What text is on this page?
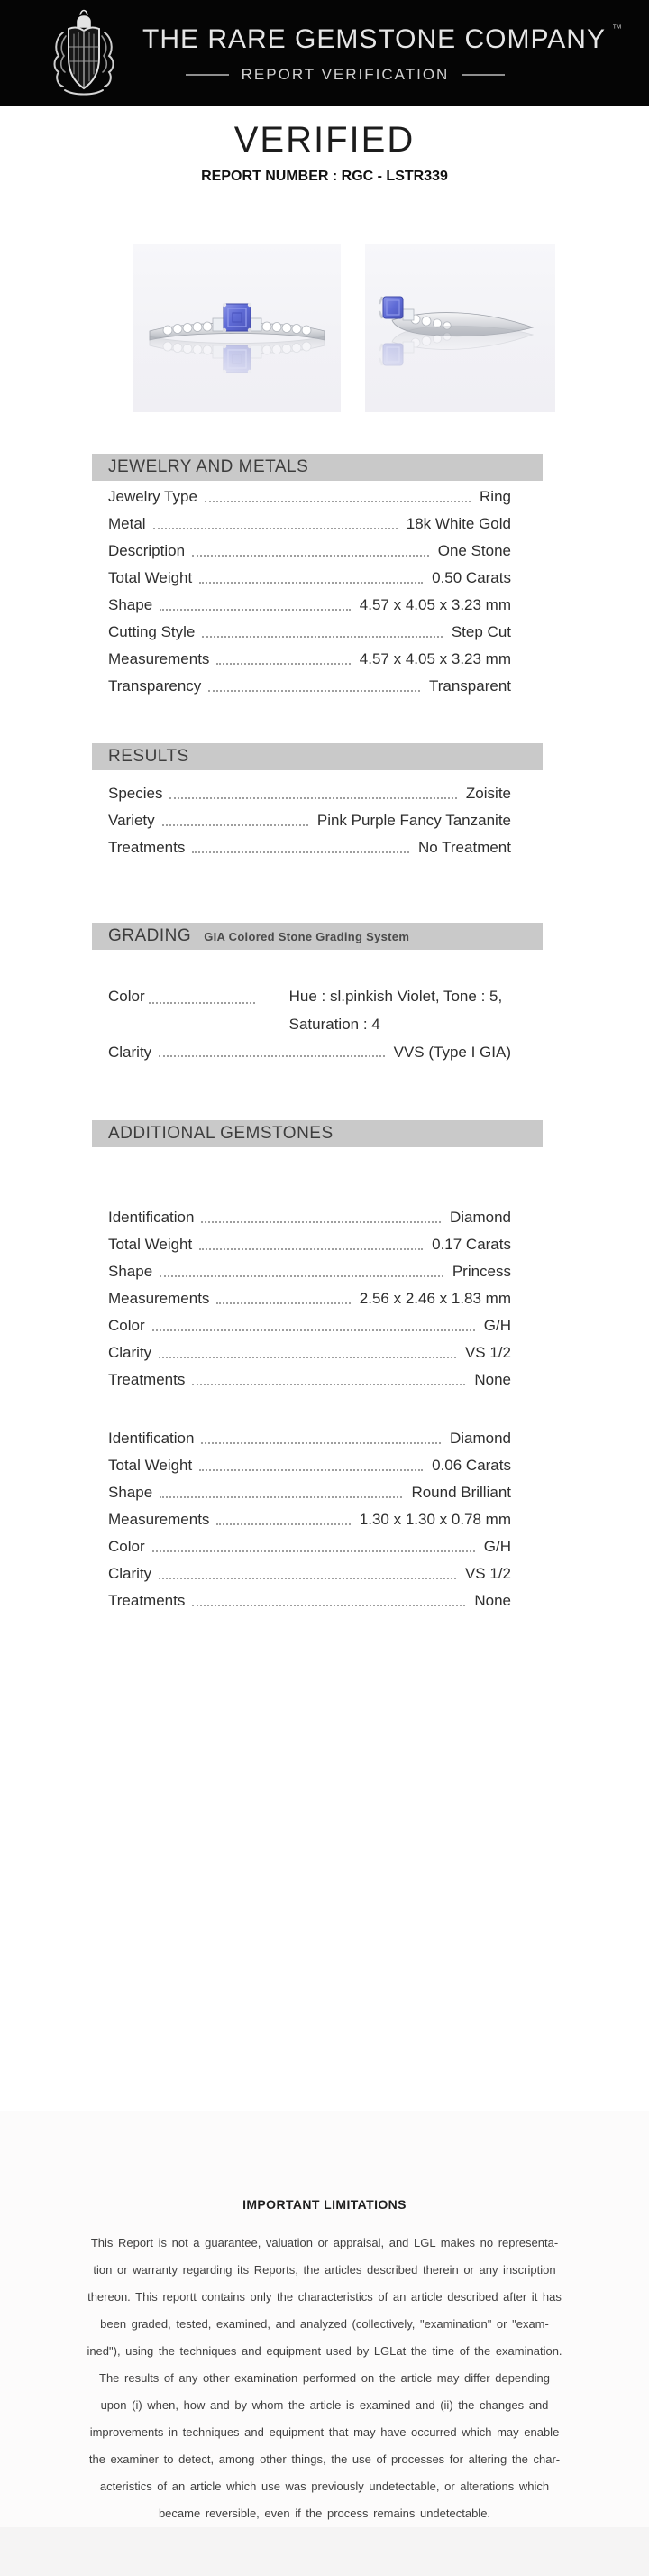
THE RARE GEMSTONE COMPANY ™
REPORT VERIFICATION
VERIFIED
REPORT NUMBER : RGC - LSTR339
JEWELRY AND METALS
Jewelry Type	Ring
Metal	18k White Gold
Description	One Stone
Total Weight	0.50 Carats
Shape	4.57 x 4.05 x 3.23 mm
Cutting Style	Step Cut
Measurements	4.57 x 4.05 x 3.23 mm
Transparency	Transparent
RESULTS
Species	Zoisite
Variety	Pink Purple Fancy Tanzanite
Treatments	No Treatment
GRADING GIA Colored Stone Grading System
Color	Hue : sl.pinkish Violet, Tone : 5,
Saturation : 4
Clarity	VVS (Type I GIA)
ADDITIONAL GEMSTONES
Identification	Diamond
Total Weight	0.17 Carats
Shape	Princess
Measurements	2.56 x 2.46 x 1.83 mm
Color	G/H
Clarity	VS 1/2
Treatments	None
Identification	Diamond
Total Weight	0.06 Carats
Shape	Round Brilliant
Measurements	1.30 x 1.30 x 0.78 mm
Color	G/H
Clarity	VS 1/2
Treatments	None
IMPORTANT LIMITATIONS
This Report is not a guarantee, valuation or appraisal, and LGL makes no representa-
tion or warranty regarding its Reports, the articles described therein or any inscription
thereon. This reportt contains only the characteristics of an article described after it has
been graded, tested, examined, and analyzed (collectively, "examination" or "exam-
ined"), using the techniques and equipment used by LGLat the time of the examination.
The results of any other examination performed on the article may differ depending
upon (i) when, how and by whom the article is examined and (ii) the changes and
improvements in techniques and equipment that may have occurred which may enable
the examiner to detect, among other things, the use of processes for altering the char-
acteristics of an article which use was previously undetectable, or alterations which
became reversible, even if the process remains undetectable.
